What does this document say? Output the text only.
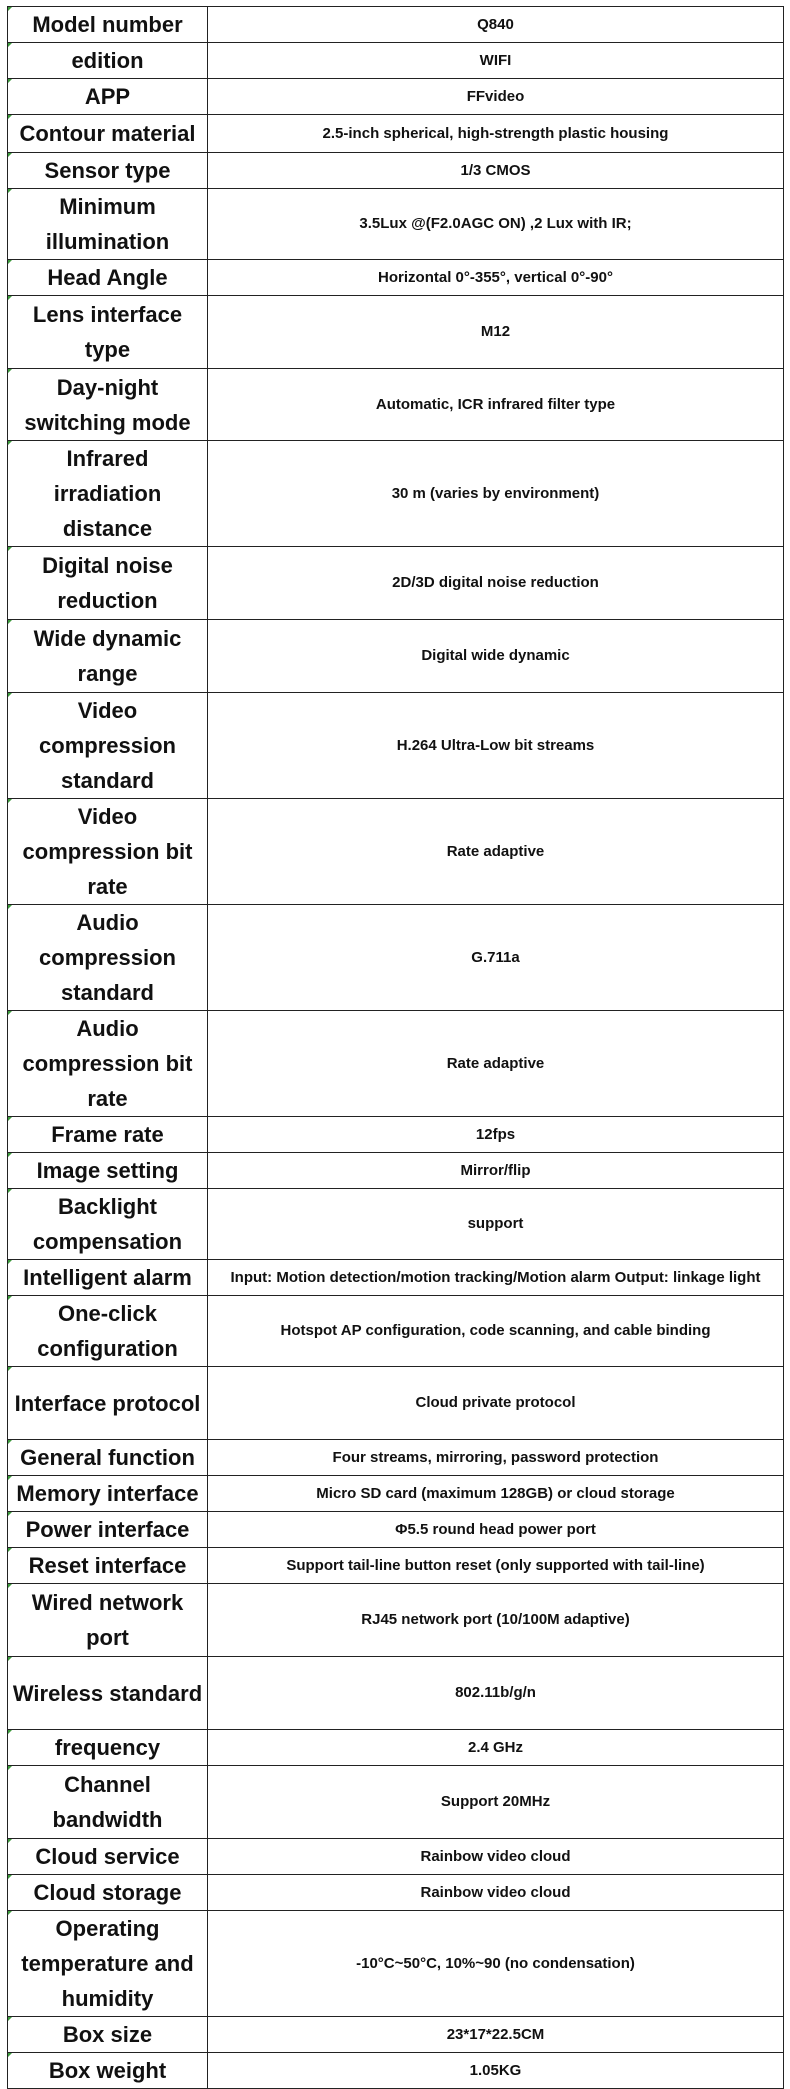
Model number	Q840
edition	WIFI
APP	FFvideo
Contour material	2.5-inch spherical, high-strength plastic housing
Sensor type	1/3 CMOS
Minimum illumination	3.5Lux @(F2.0AGC ON) ,2 Lux with IR;
Head Angle	Horizontal 0°-355°, vertical 0°-90°
Lens interface type	M12
Day-night switching mode	Automatic, ICR infrared filter type
Infrared irradiation distance	30 m (varies by environment)
Digital noise reduction	2D/3D digital noise reduction
Wide dynamic range	Digital wide dynamic
Video compression standard	H.264 Ultra-Low bit streams
Video compression bit rate	Rate adaptive
Audio compression standard	G.711a
Audio compression bit rate	Rate adaptive
Frame rate	12fps
Image setting	Mirror/flip
Backlight compensation	support
Intelligent alarm	Input: Motion detection/motion tracking/Motion alarm Output: linkage light
One-click configuration	Hotspot AP configuration, code scanning, and cable binding
Interface protocol	Cloud private protocol
General function	Four streams, mirroring, password protection
Memory interface	Micro SD card (maximum 128GB) or cloud storage
Power interface	Φ5.5 round head power port
Reset interface	Support tail-line button reset (only supported with tail-line)
Wired network port	RJ45 network port (10/100M adaptive)
Wireless standard	802.11b/g/n
frequency	2.4 GHz
Channel bandwidth	Support 20MHz
Cloud service	Rainbow video cloud
Cloud storage	Rainbow video cloud
Operating temperature and humidity	-10°C~50°C, 10%~90 (no condensation)
Box size	23*17*22.5CM
Box weight	1.05KG
